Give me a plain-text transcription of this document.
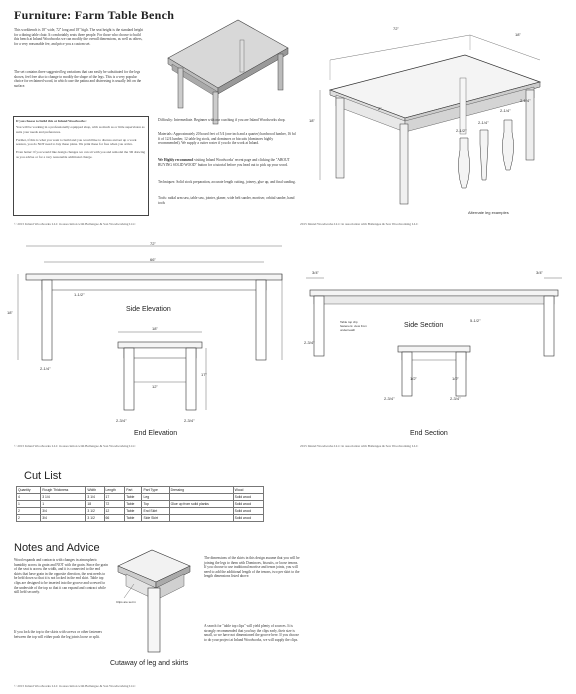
Furniture: Farm Table Bench
This workbench is 18" wide, 72" long and 18" high. The seat height is the standard height for a dining table chair. It comfortably seats three people. For those who choose to build this bench at Inland Woodworks we can modify the overall dimensions, as well as others, for a very reasonable fee, and price you a custom set.
The set contains three suggested leg variations that can easily be substituted for the legs shown, feel free also to change to modify the shape of the legs. This is a very popular choice for reclaimed wood, in which case the patina and distressing is usually left on the surface.
If you choose to build this at Inland Woodworks:
You will be working in a professionally equipped shop, with as much as or little supervision as suits your needs and preferences.
Further, if this is what you want to build and you would like to discuss and set up a work session, you do NOT need to buy these plans. We print these for free when you arrive.
Even better: If you would like design changes we can sit with you and remodel the 3D drawing as you advise or for a very reasonable additional charge.
Difficulty: Intermediate. Beginner with our coaching if you are Inland Woodworks shop.
Materials: Approximately 20 board feet of 5/4 (one inch and a quarter) hardwood lumber, 16 bd ft of 12/4 lumber, 12 table leg stock, and dominoes or biscuits (dominoes highly recommended). We supply a cutter roster if you do the work at Inland.
We Highly recommend visiting Inland Woodworks' recent page and clicking the "ABOUT BUYING SOLID WOOD" button for a tutorial before you head out to pick up your wood.
Techniques: Solid stock preparation, accurate length cutting, joinery, glue up, and final sanding.
Tools: radial arm saw, table saw, jointer, planer, wide belt sander, mortiser, orbital sander, hand tools
© 2015 Inland Woodworks LLC in association with Ballengee & Son Woodworking LLC	2015 Inland Woodworks LLC in association with Ballengee & Son Woodworking LLC
72"
18"
18"
2"
2-1/2"
2-1/4"
2-1/4"
2-1/4"
Alternate leg examples
72"
66"
1-1/2"
18"
2-1/4"
Side Elevation
18"
12"
17"
2-3/4"	2-3/4"
End Elevation
3/4"	3/4"
Table top clip fasteners: view from underneath
5-1/2"
2-3/4"
Side Section
1/2"	1/2"
2-3/4"	2-3/4"
End Section
© 2015 Inland Woodworks LLC in association with Ballengee & Son Woodworking LLC	2015 Inland Woodworks LLC in association with Ballengee & Son Woodworking LLC
Cut List
Quantity	Rough Thickness	Width	Length	Part	Part Type	Dressing	Wood
4	3 1/4	3 1/4	17	Table	Leg		Solid wood
1	1	18	72	Table	Top	Glue up from solid planks	Solid wood
2	3/4	3 1/2	12	Table	End Skirt		Solid wood
2	3/4	3 1/2	66	Table	Side Skirt		Solid wood
Notes and Advice
Wood expands and contracts with changes in atmospheric humidity across its grain and NOT with the grain. Since the grain of the seat is across the width, and it is connected to the end skirts that have grain in the opposite direction, the seat needs to be held down so that it is not locked in the end skirt. Table top clips are designed to be inserted into the groove and screwed to the underside of the top so that it can expand and contract while still held securely.
If you lock the top to the skirts with screws or other fasteners between the top will either push the leg joints loose or split.
Clips are set in
Cutaway of leg and skirts
The dimensions of the skirts in this design assume that you will be joining the legs to them with Dominoes, biscuits, or loose tenons. If you choose to use traditional mortise and tenon joints, you will need to add the additional length of the tenons, two per skirt to the length dimensions listed above.
A search for "table top clips" will yield plenty of sources. It is strongly recommended that you buy the clips early, their size is small, so we have not dimensioned the groove here. If you choose to do your project at Inland Woodworks, we will supply the clips.
© 2015 Inland Woodworks LLC in association with Ballengee & Son Woodworking LLC
